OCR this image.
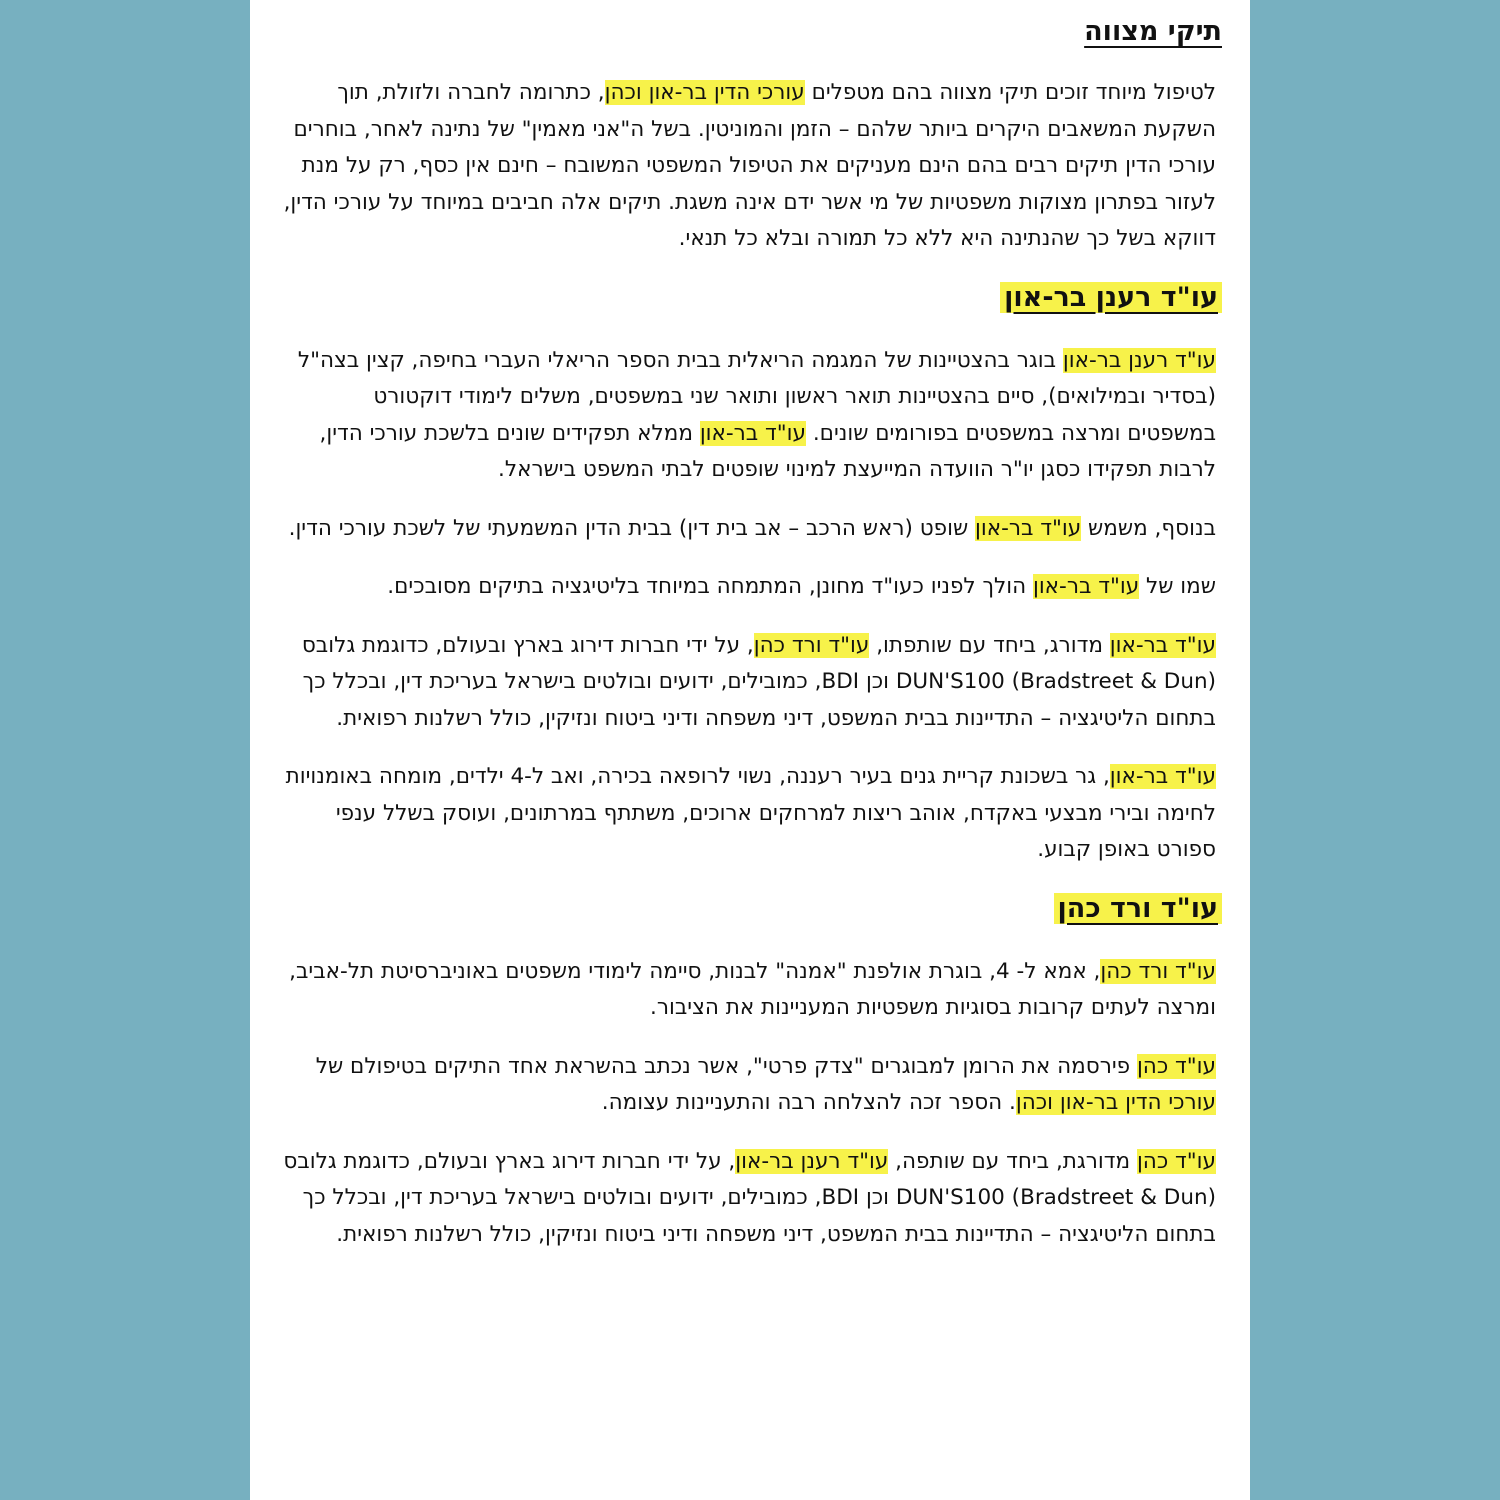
תיקי מצווה

לטיפול מיוחד זוכים תיקי מצווה בהם מטפלים עורכי הדין בר-און וכהן, כתרומה לחברה ולזולת, תוך השקעת המשאבים היקרים ביותר שלהם – הזמן והמוניטין. בשל ה"אני מאמין" של נתינה לאחר, בוחרים עורכי הדין תיקים רבים בהם הינם מעניקים את הטיפול המשפטי המשובח – חינם אין כסף, רק על מנת לעזור בפתרון מצוקות משפטיות של מי אשר ידם אינה משגת. תיקים אלה חביבים במיוחד על עורכי הדין, דווקא בשל כך שהנתינה היא ללא כל תמורה ובלא כל תנאי.

עו"ד רענן בר-און

עו"ד רענן בר-און בוגר בהצטיינות של המגמה הריאלית בבית הספר הריאלי העברי בחיפה, קצין בצה"ל (בסדיר ובמילואים), סיים בהצטיינות תואר ראשון ותואר שני במשפטים, משלים לימודי דוקטורט במשפטים ומרצה במשפטים בפורומים שונים. עו"ד בר-און ממלא תפקידים שונים בלשכת עורכי הדין, לרבות תפקידו כסגן יו"ר הוועדה המייעצת למינוי שופטים לבתי המשפט בישראל.

בנוסף, משמש עו"ד בר-און שופט (ראש הרכב – אב בית דין) בבית הדין המשמעתי של לשכת עורכי הדין.

שמו של עו"ד בר-און הולך לפניו כעו"ד מחונן, המתמחה במיוחד בליטיגציה בתיקים מסובכים.

עו"ד בר-און מדורג, ביחד עם שותפתו, עו"ד ורד כהן, על ידי חברות דירוג בארץ ובעולם, כדוגמת גלובס DUN'S100 (Bradstreet & Dun) וכן BDI, כמובילים, ידועים ובולטים בישראל בעריכת דין, ובכלל כך בתחום הליטיגציה – התדיינות בבית המשפט, דיני משפחה ודיני ביטוח ונזיקין, כולל רשלנות רפואית.

עו"ד בר-און, גר בשכונת קריית גנים בעיר רעננה, נשוי לרופאה בכירה, ואב ל-4 ילדים, מומחה באומנויות לחימה ובירי מבצעי באקדח, אוהב ריצות למרחקים ארוכים, משתתף במרתונים, ועוסק בשלל ענפי ספורט באופן קבוע.

עו"ד ורד כהן

עו"ד ורד כהן, אמא ל- 4, בוגרת אולפנת "אמנה" לבנות, סיימה לימודי משפטים באוניברסיטת תל-אביב, ומרצה לעתים קרובות בסוגיות משפטיות המעניינות את הציבור.

עו"ד כהן פירסמה את הרומן למבוגרים "צדק פרטי", אשר נכתב בהשראת אחד התיקים בטיפולם של עורכי הדין בר-און וכהן. הספר זכה להצלחה רבה והתעניינות עצומה.

עו"ד כהן מדורגת, ביחד עם שותפה, עו"ד רענן בר-און, על ידי חברות דירוג בארץ ובעולם, כדוגמת גלובס DUN'S100 (Bradstreet & Dun) וכן BDI, כמובילים, ידועים ובולטים בישראל בעריכת דין, ובכלל כך בתחום הליטיגציה – התדיינות בבית המשפט, דיני משפחה ודיני ביטוח ונזיקין, כולל רשלנות רפואית.
